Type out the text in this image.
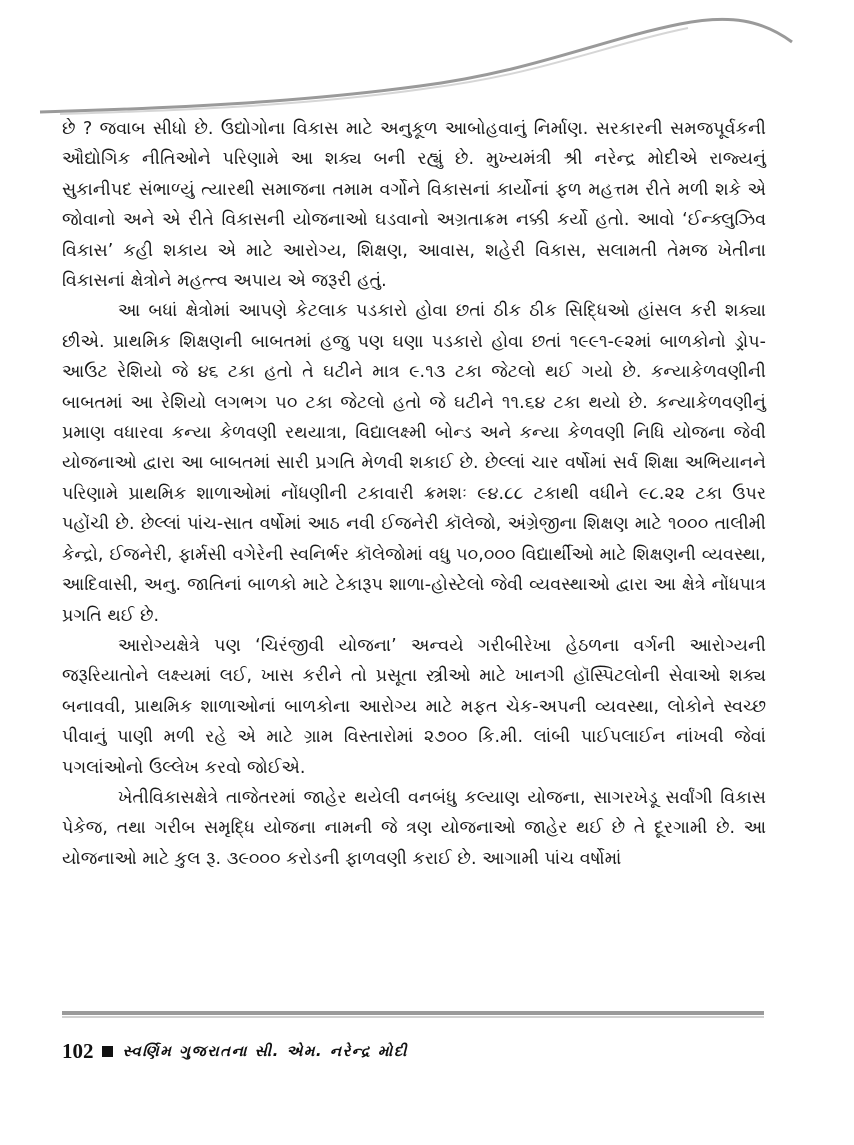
છે ? જવાબ સીધો છે. ઉદ્યોગોના વિકાસ માટે અનુકૂળ આબોહવાનું નિર્માણ. સરકારની સમજપૂર્વકની ઔદ્યોગિક નીતિઓને પરિણામે આ શક્ય બની રહ્યું છે. મુખ્યમંત્રી શ્રી નરેન્દ્ર મોદીએ રાજ્યનું સુકાનીપદ સંભાળ્યું ત્યારથી સમાજના તમામ વર્ગોને વિકાસનાં કાર્યોનાં ફળ મહત્તમ રીતે મળી શકે એ જોવાનો અને એ રીતે વિકાસની યોજનાઓ ઘડવાનો અગ્રતાક્રમ નક્કી કર્યો હતો. આવો ‘ઈન્ક્લુઝિવ વિકાસ’ કહી શકાય એ માટે આરોગ્ય, શિક્ષણ, આવાસ, શહેરી વિકાસ, સલામતી તેમજ ખેતીના વિકાસનાં ક્ષેત્રોને મહત્ત્વ અપાય એ જરૂરી હતું.

આ બધાં ક્ષેત્રોમાં આપણે કેટલાક પડકારો હોવા છતાં ઠીક ઠીક સિદ્ધિઓ હાંસલ કરી શક્યા છીએ. પ્રાથમિક શિક્ષણની બાબતમાં હજુ પણ ઘણા પડકારો હોવા છતાં ૧૯૯૧-૯૨માં બાળકોનો ડ્રોપ-આઉટ રેશિયો જે ૪૬ ટકા હતો તે ઘટીને માત્ર ૯.૧૩ ટકા જેટલો થઈ ગયો છે. કન્યાકેળવણીની બાબતમાં આ રેશિયો લગભગ ૫૦ ટકા જેટલો હતો જે ઘટીને ૧૧.૬૪ ટકા થયો છે. કન્યાકેળવણીનું પ્રમાણ વધારવા કન્યા કેળવણી રથયાત્રા, વિદ્યાલક્ષ્મી બોન્ડ અને કન્યા કેળવણી નિધિ યોજના જેવી યોજનાઓ દ્વારા આ બાબતમાં સારી પ્રગતિ મેળવી શકાઈ છે. છેલ્લાં ચાર વર્ષોમાં સર્વ શિક્ષા અભિયાનને પરિણામે પ્રાથમિક શાળાઓમાં નોંધણીની ટકાવારી ક્રમશઃ ૯૪.૮૮ ટકાથી વધીને ૯૮.૨૨ ટકા ઉપર પહોંચી છે. છેલ્લાં પાંચ-સાત વર્ષોમાં આઠ નવી ઈજનેરી કૉલેજો, અંગ્રેજીના શિક્ષણ માટે ૧૦૦૦ તાલીમી કેન્દ્રો, ઈજનેરી, ફાર્મસી વગેરેની સ્વનિર્ભર કૉલેજોમાં વધુ ૫૦,૦૦૦ વિદ્યાર્થીઓ માટે શિક્ષણની વ્યવસ્થા, આદિવાસી, અનુ. જાતિનાં બાળકો માટે ટેકારૂપ શાળા-હોસ્ટેલો જેવી વ્યવસ્થાઓ દ્વારા આ ક્ષેત્રે નોંધપાત્ર પ્રગતિ થઈ છે.

આરોગ્યક્ષેત્રે પણ ‘ચિરંજીવી યોજના’ અન્વયે ગરીબીરેખા હેઠળના વર્ગની આરોગ્યની જરૂરિયાતોને લક્ષ્યમાં લઈ, ખાસ કરીને તો પ્રસૂતા સ્ત્રીઓ માટે ખાનગી હૉસ્પિટલોની સેવાઓ શક્ય બનાવવી, પ્રાથમિક શાળાઓનાં બાળકોના આરોગ્ય માટે મફત ચેક-અપની વ્યવસ્થા, લોકોને સ્વચ્છ પીવાનું પાણી મળી રહે એ માટે ગ્રામ વિસ્તારોમાં ૨૭૦૦ કિ.મી. લાંબી પાઈપલાઈન નાંખવી જેવાં પગલાંઓનો ઉલ્લેખ કરવો જોઈએ.

ખેતીવિકાસક્ષેત્રે તાજેતરમાં જાહેર થયેલી વનબંધુ કલ્યાણ યોજના, સાગરખેડૂ સર્વાંગી વિકાસ પેકેજ, તથા ગરીબ સમૃદ્ધિ યોજના નામની જે ત્રણ યોજનાઓ જાહેર થઈ છે તે દૂરગામી છે. આ યોજનાઓ માટે કુલ રૂ. ૩૯૦૦૦ કરોડની ફાળવણી કરાઈ છે. આગામી પાંચ વર્ષોમાં

102 સ્વર્ણિમ ગુજરાતના સી. એમ. નરેન્દ્ર મોદી
